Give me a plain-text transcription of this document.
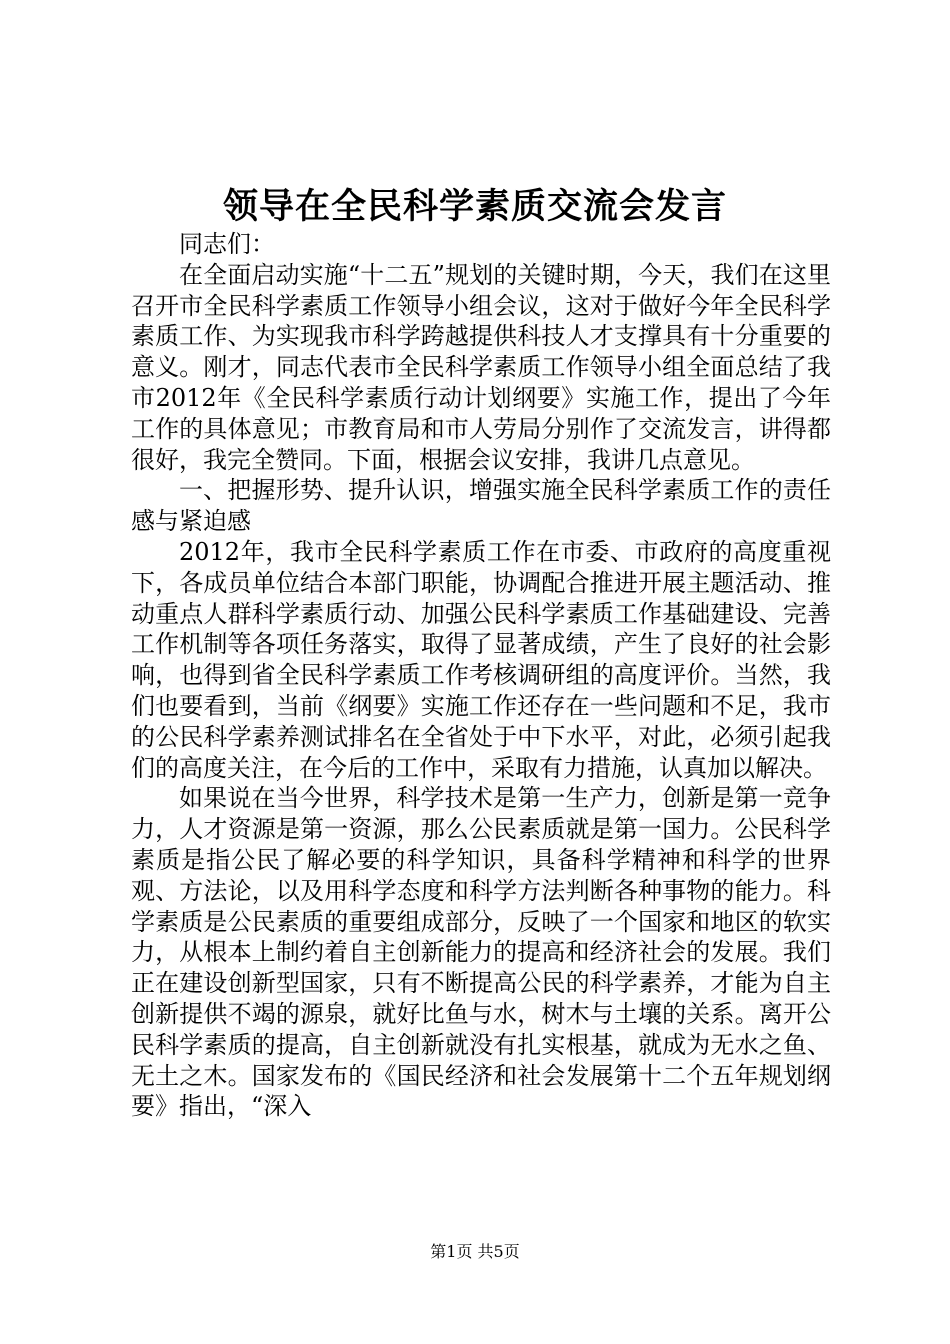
领导在全民科学素质交流会发言

同志们：

在全面启动实施“十二五”规划的关键时期，今天，我们在这里召开市全民科学素质工作领导小组会议，这对于做好今年全民科学素质工作、为实现我市科学跨越提供科技人才支撑具有十分重要的意义。刚才，同志代表市全民科学素质工作领导小组全面总结了我市2012年《全民科学素质行动计划纲要》实施工作，提出了今年工作的具体意见；市教育局和市人劳局分别作了交流发言，讲得都很好，我完全赞同。下面，根据会议安排，我讲几点意见。

一、把握形势、提升认识，增强实施全民科学素质工作的责任感与紧迫感

2012年，我市全民科学素质工作在市委、市政府的高度重视下，各成员单位结合本部门职能，协调配合推进开展主题活动、推动重点人群科学素质行动、加强公民科学素质工作基础建设、完善工作机制等各项任务落实，取得了显著成绩，产生了良好的社会影响，也得到省全民科学素质工作考核调研组的高度评价。当然，我们也要看到，当前《纲要》实施工作还存在一些问题和不足，我市的公民科学素养测试排名在全省处于中下水平，对此，必须引起我们的高度关注，在今后的工作中，采取有力措施，认真加以解决。

如果说在当今世界，科学技术是第一生产力，创新是第一竞争力，人才资源是第一资源，那么公民素质就是第一国力。公民科学素质是指公民了解必要的科学知识，具备科学精神和科学的世界观、方法论，以及用科学态度和科学方法判断各种事物的能力。科学素质是公民素质的重要组成部分，反映了一个国家和地区的软实力，从根本上制约着自主创新能力的提高和经济社会的发展。我们正在建设创新型国家，只有不断提高公民的科学素养，才能为自主创新提供不竭的源泉，就好比鱼与水，树木与土壤的关系。离开公民科学素质的提高，自主创新就没有扎实根基，就成为无水之鱼、无土之木。国家发布的《国民经济和社会发展第十二个五年规划纲要》指出，“深入

第1页 共5页
